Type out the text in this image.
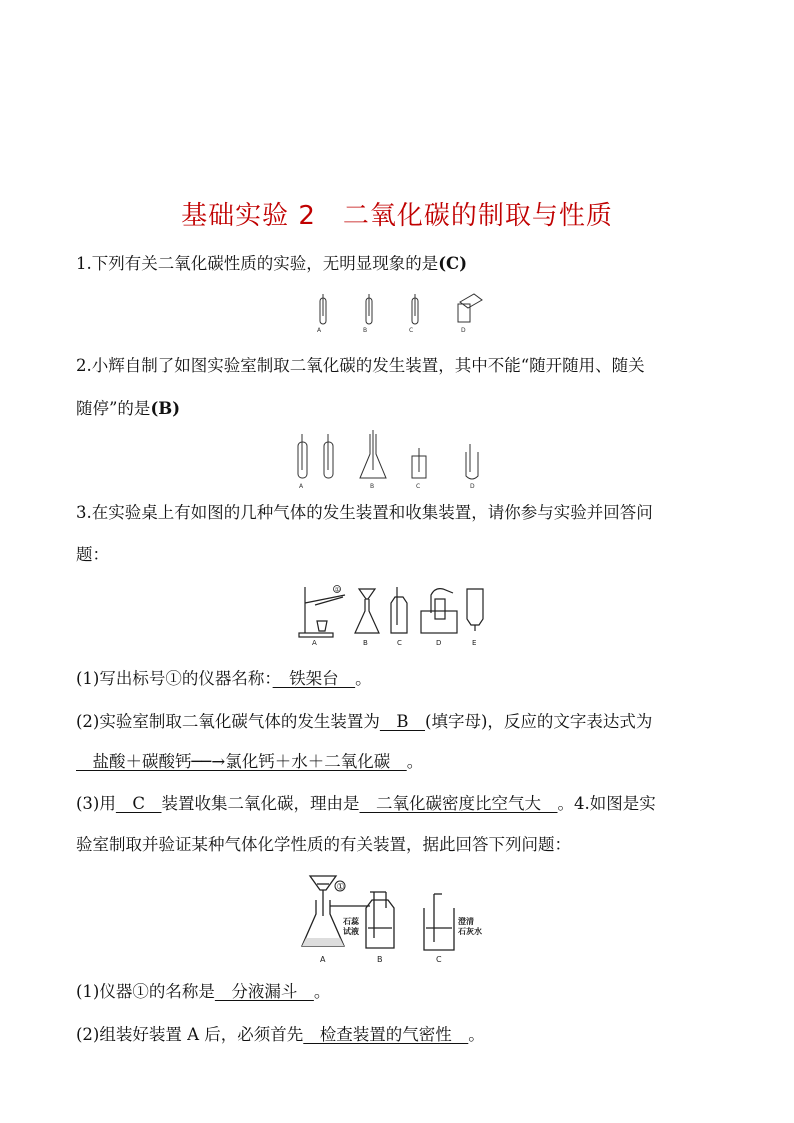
基础实验 2　二氧化碳的制取与性质
1.下列有关二氧化碳性质的实验，无明显现象的是(C)
A	B	C	D
2.小辉自制了如图实验室制取二氧化碳的发生装置，其中不能“随开随用、随关
随停”的是(B)
A	B	C	D
3.在实验桌上有如图的几种气体的发生装置和收集装置，请你参与实验并回答问
题：
①
A	B	C	D	E
(1)写出标号①的仪器名称：　铁架台　。
(2)实验室制取二氧化碳气体的发生装置为　B　(填字母)，反应的文字表达式为
　盐酸＋碳酸钙──→氯化钙＋水＋二氧化碳　。
(3)用　C　装置收集二氧化碳，理由是　二氧化碳密度比空气大　。4.如图是实
验室制取并验证某种气体化学性质的有关装置，据此回答下列问题：
①
石蕊
试液
澄清
石灰水
A	B	C
(1)仪器①的名称是　分液漏斗　。
(2)组装好装置 A 后，必须首先　检查装置的气密性　。
